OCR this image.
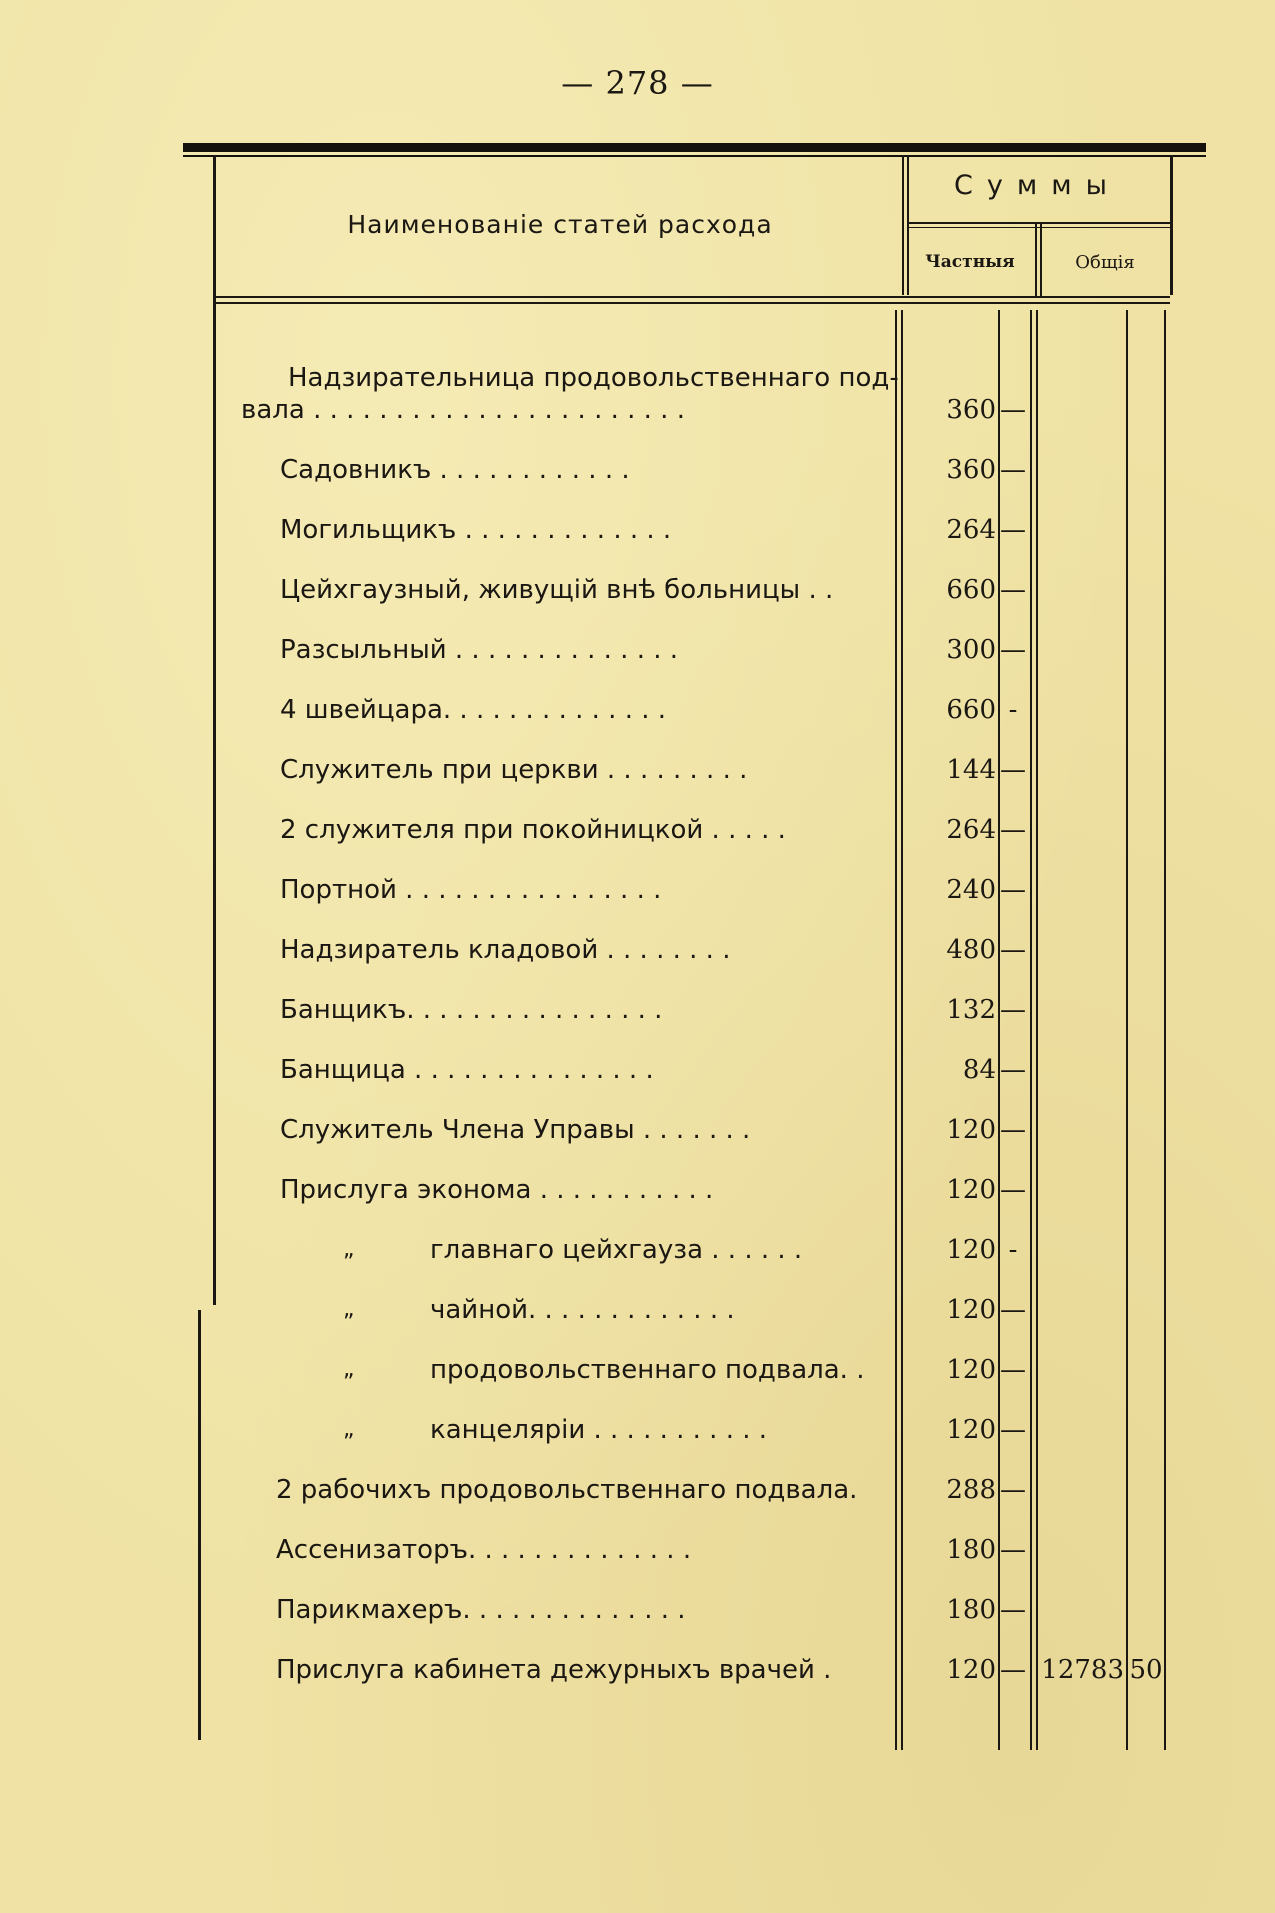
— 278 —
Наименованіе статей расхода
Суммы
Частныя	Общія
Надзирательница продовольственнаго под-
вала . . . . . . . . . . . . . . . . . . . . . . .	360 —
Садовникъ . . . . . . . . . . . .	360 —
Могильщикъ . . . . . . . . . . . . .	264 —
Цейхгаузный, живущій внѣ больницы . .	660 —
Разсыльный . . . . . . . . . . . . . .	300 —
4 швейцара. . . . . . . . . . . . . .	660 -
Служитель при церкви . . . . . . . . .	144 —
2 служителя при покойницкой . . . . .	264 —
Портной . . . . . . . . . . . . . . . .	240 —
Надзиратель кладовой . . . . . . . .	480 —
Банщикъ. . . . . . . . . . . . . . . .	132 —
Банщица . . . . . . . . . . . . . . .	84 —
Служитель Члена Управы . . . . . . .	120 —
Прислуга эконома . . . . . . . . . . .	120 —
„	главнаго цейхгауза . . . . . .	120 -
„	чайной. . . . . . . . . . . . .	120 —
„	продовольственнаго подвала. .	120 —
„	канцеляріи . . . . . . . . . . .	120 —
2 рабочихъ продовольственнаго подвала.	288 —
Ассенизаторъ. . . . . . . . . . . . . .	180 —
Парикмахеръ. . . . . . . . . . . . . .	180 —
Прислуга кабинета дежурныхъ врачей .	120 — 12783 50
